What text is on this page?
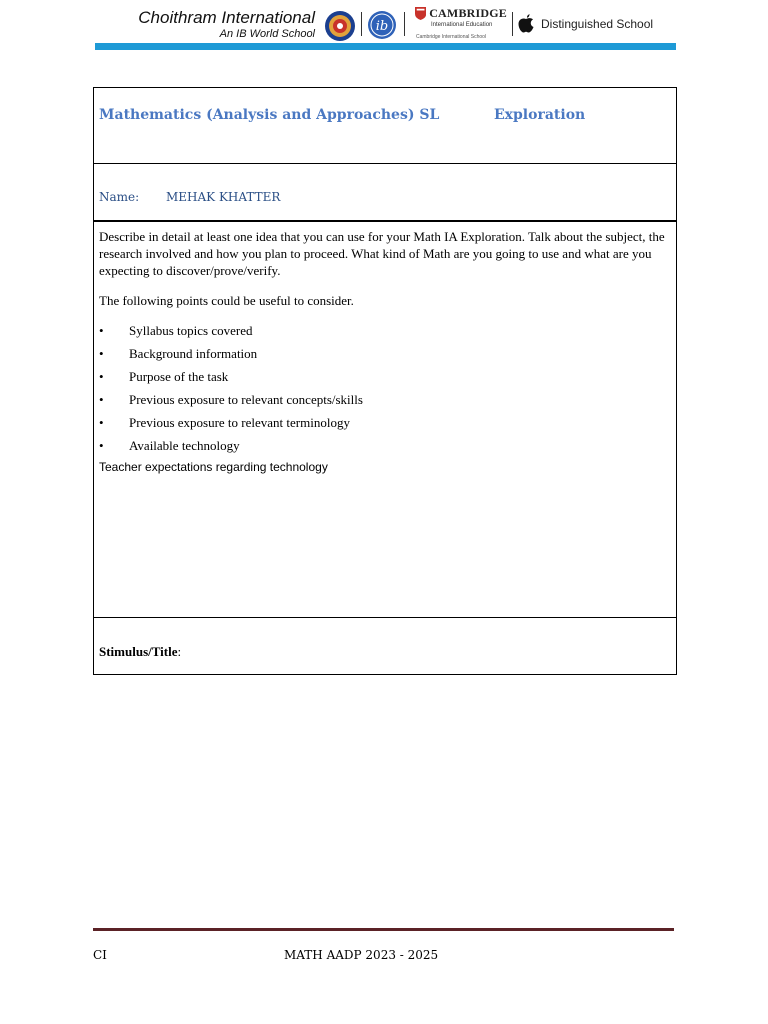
Choithram International
An IB World School	ib
CAMBRIDGE
International Education
Cambridge International School
Distinguished School
Mathematics (Analysis and Approaches) SL	Exploration
Name: MEHAK KHATTER

Describe in detail at least one idea that you can use for your Math IA Exploration. Talk about the subject, the research involved and how you plan to proceed. What kind of Math are you going to use and what are you expecting to discover/prove/verify.

The following points could be useful to consider.

• Syllabus topics covered
• Background information
• Purpose of the task
• Previous exposure to relevant concepts/skills
• Previous exposure to relevant terminology
• Available technology
Teacher expectations regarding technology
Stimulus/Title:
CI	MATH AADP 2023 - 2025
